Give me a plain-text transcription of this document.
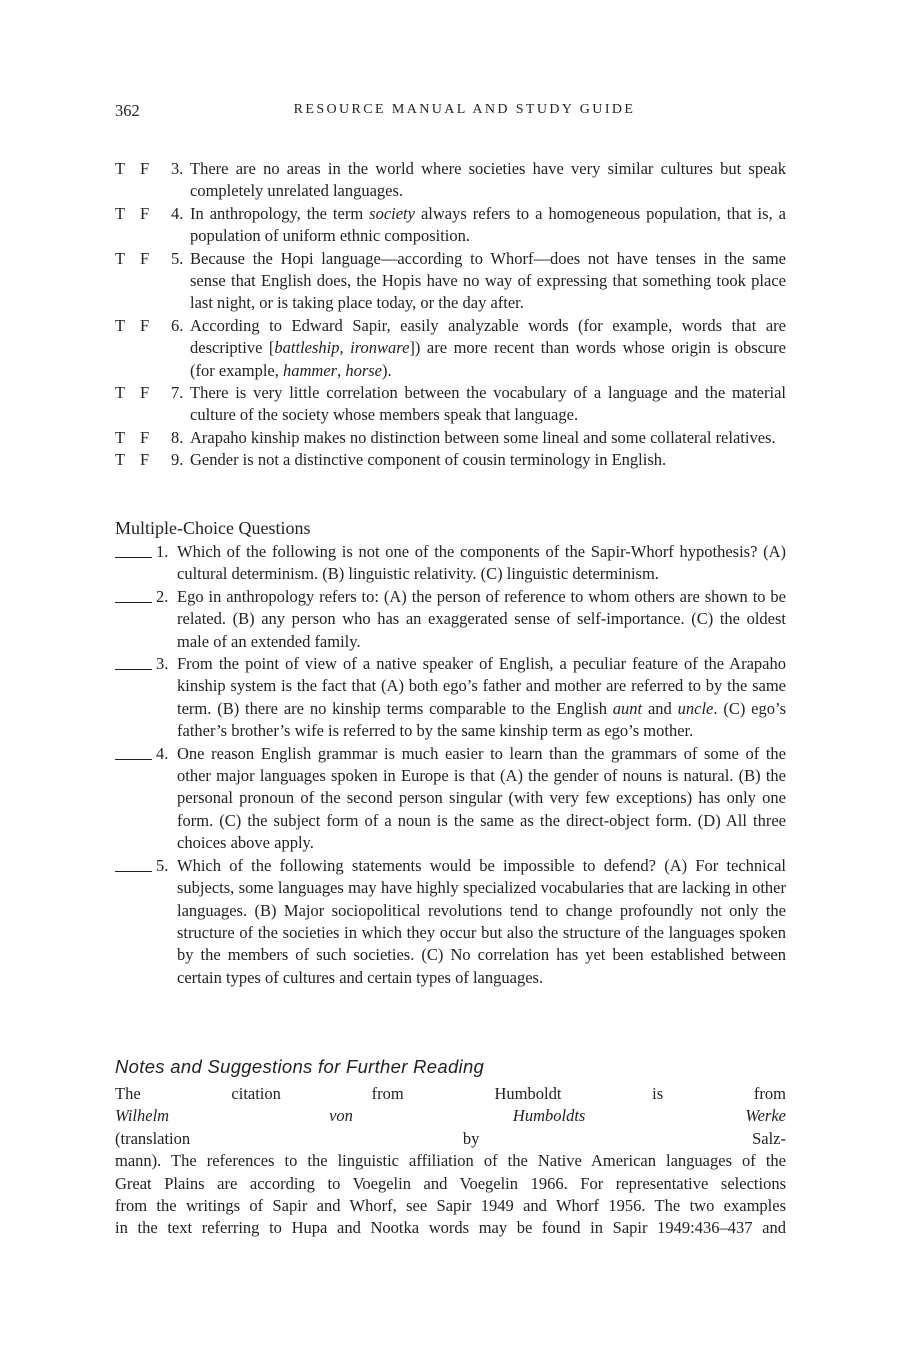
362	RESOURCE MANUAL AND STUDY GUIDE
T F 3. There are no areas in the world where societies have very similar cultures but speak completely unrelated languages.
T F 4. In anthropology, the term society always refers to a homogeneous population, that is, a population of uniform ethnic composition.
T F 5. Because the Hopi language—according to Whorf—does not have tenses in the same sense that English does, the Hopis have no way of expressing that something took place last night, or is taking place today, or the day after.
T F 6. According to Edward Sapir, easily analyzable words (for example, words that are descriptive [battleship, ironware]) are more recent than words whose origin is obscure (for example, hammer, horse).
T F 7. There is very little correlation between the vocabulary of a language and the material culture of the society whose members speak that language.
T F 8. Arapaho kinship makes no distinction between some lineal and some collateral relatives.
T F 9. Gender is not a distinctive component of cousin terminology in English.
Multiple-Choice Questions
1. Which of the following is not one of the components of the Sapir-Whorf hypothesis? (A) cultural determinism. (B) linguistic relativity. (C) linguistic determinism.
2. Ego in anthropology refers to: (A) the person of reference to whom others are shown to be related. (B) any person who has an exaggerated sense of self-importance. (C) the oldest male of an extended family.
3. From the point of view of a native speaker of English, a peculiar feature of the Arapaho kinship system is the fact that (A) both ego’s father and mother are referred to by the same term. (B) there are no kinship terms comparable to the English aunt and uncle. (C) ego’s father’s brother’s wife is referred to by the same kinship term as ego’s mother.
4. One reason English grammar is much easier to learn than the grammars of some of the other major languages spoken in Europe is that (A) the gender of nouns is natural. (B) the personal pronoun of the second person singular (with very few exceptions) has only one form. (C) the subject form of a noun is the same as the direct-object form. (D) All three choices above apply.
5. Which of the following statements would be impossible to defend? (A) For technical subjects, some languages may have highly specialized vocabularies that are lacking in other languages. (B) Major sociopolitical revolutions tend to change profoundly not only the structure of the societies in which they occur but also the structure of the languages spoken by the members of such societies. (C) No correlation has yet been established between certain types of cultures and certain types of languages.
Notes and Suggestions for Further Reading
The citation from Humboldt is from
Wilhelm von Humboldts Werke
(translation by Salz-
mann). The references to the linguistic affiliation of the Native American languages of the
Great Plains are according to Voegelin and Voegelin 1966. For representative selections
from the writings of Sapir and Whorf, see Sapir 1949 and Whorf 1956. The two examples
in the text referring to Hupa and Nootka words may be found in Sapir 1949:436–437 and
